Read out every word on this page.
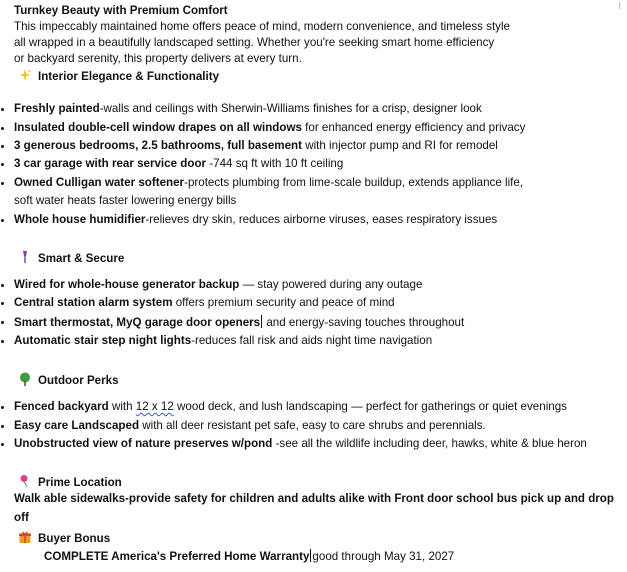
Turnkey Beauty with Premium Comfort
This impeccably maintained home offers peace of mind, modern convenience, and timeless style
all wrapped in a beautifully landscaped setting. Whether you're seeking smart home efficiency
or backyard serenity, this property delivers at every turn.
Interior Elegance & Functionality
Freshly painted-walls and ceilings with Sherwin-Williams finishes for a crisp, designer look
Insulated double-cell window drapes on all windows for enhanced energy efficiency and privacy
3 generous bedrooms, 2.5 bathrooms, full basement with injector pump and RI for remodel
3 car garage with rear service door -744 sq ft with 10 ft ceiling
Owned Culligan water softener-protects plumbing from lime-scale buildup, extends appliance life,
soft water heats faster lowering energy bills
Whole house humidifier-relieves dry skin, reduces airborne viruses, eases respiratory issues
Smart & Secure
Wired for whole-house generator backup — stay powered during any outage
Central station alarm system offers premium security and peace of mind
Smart thermostat, MyQ garage door openers and energy-saving touches throughout
Automatic stair step night lights-reduces fall risk and aids night time navigation
Outdoor Perks
Fenced backyard with 12 x 12 wood deck, and lush landscaping — perfect for gatherings or quiet evenings
Easy care Landscaped with all deer resistant pet safe, easy to care shrubs and perennials.
Unobstructed view of nature preserves w/pond -see all the wildlife including deer, hawks, white & blue heron
Prime Location
Walk able sidewalks-provide safety for children and adults alike with Front door school bus pick up and drop
off
Buyer Bonus
COMPLETE America's Preferred Home Warranty good through May 31, 2027
